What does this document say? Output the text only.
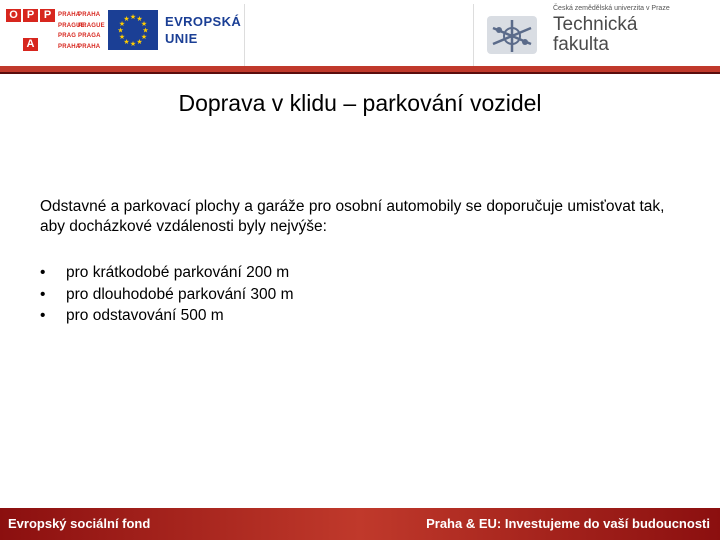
O P P
A
PRAHA
PRAGUE
PRAG
PRAHA
PRAHA
PRAGUE
PRAGA
PRAHA
★ ★
★
★
★
★
★
★
★
★
★
★	EVROPSKÁ
UNIE
Česká zemědělská univerzita v Praze
Technická
fakulta
Doprava v klidu – parkování vozidel

Odstavné a parkovací plochy a garáže pro osobní automobily se doporučuje umisťovat tak, aby docházkové vzdálenosti byly nejvýše:

• pro krátkodobé parkování 200 m
• pro dlouhodobé parkování 300 m
• pro odstavování 500 m
Evropský sociální fond	Praha & EU: Investujeme do vaší budoucnosti
